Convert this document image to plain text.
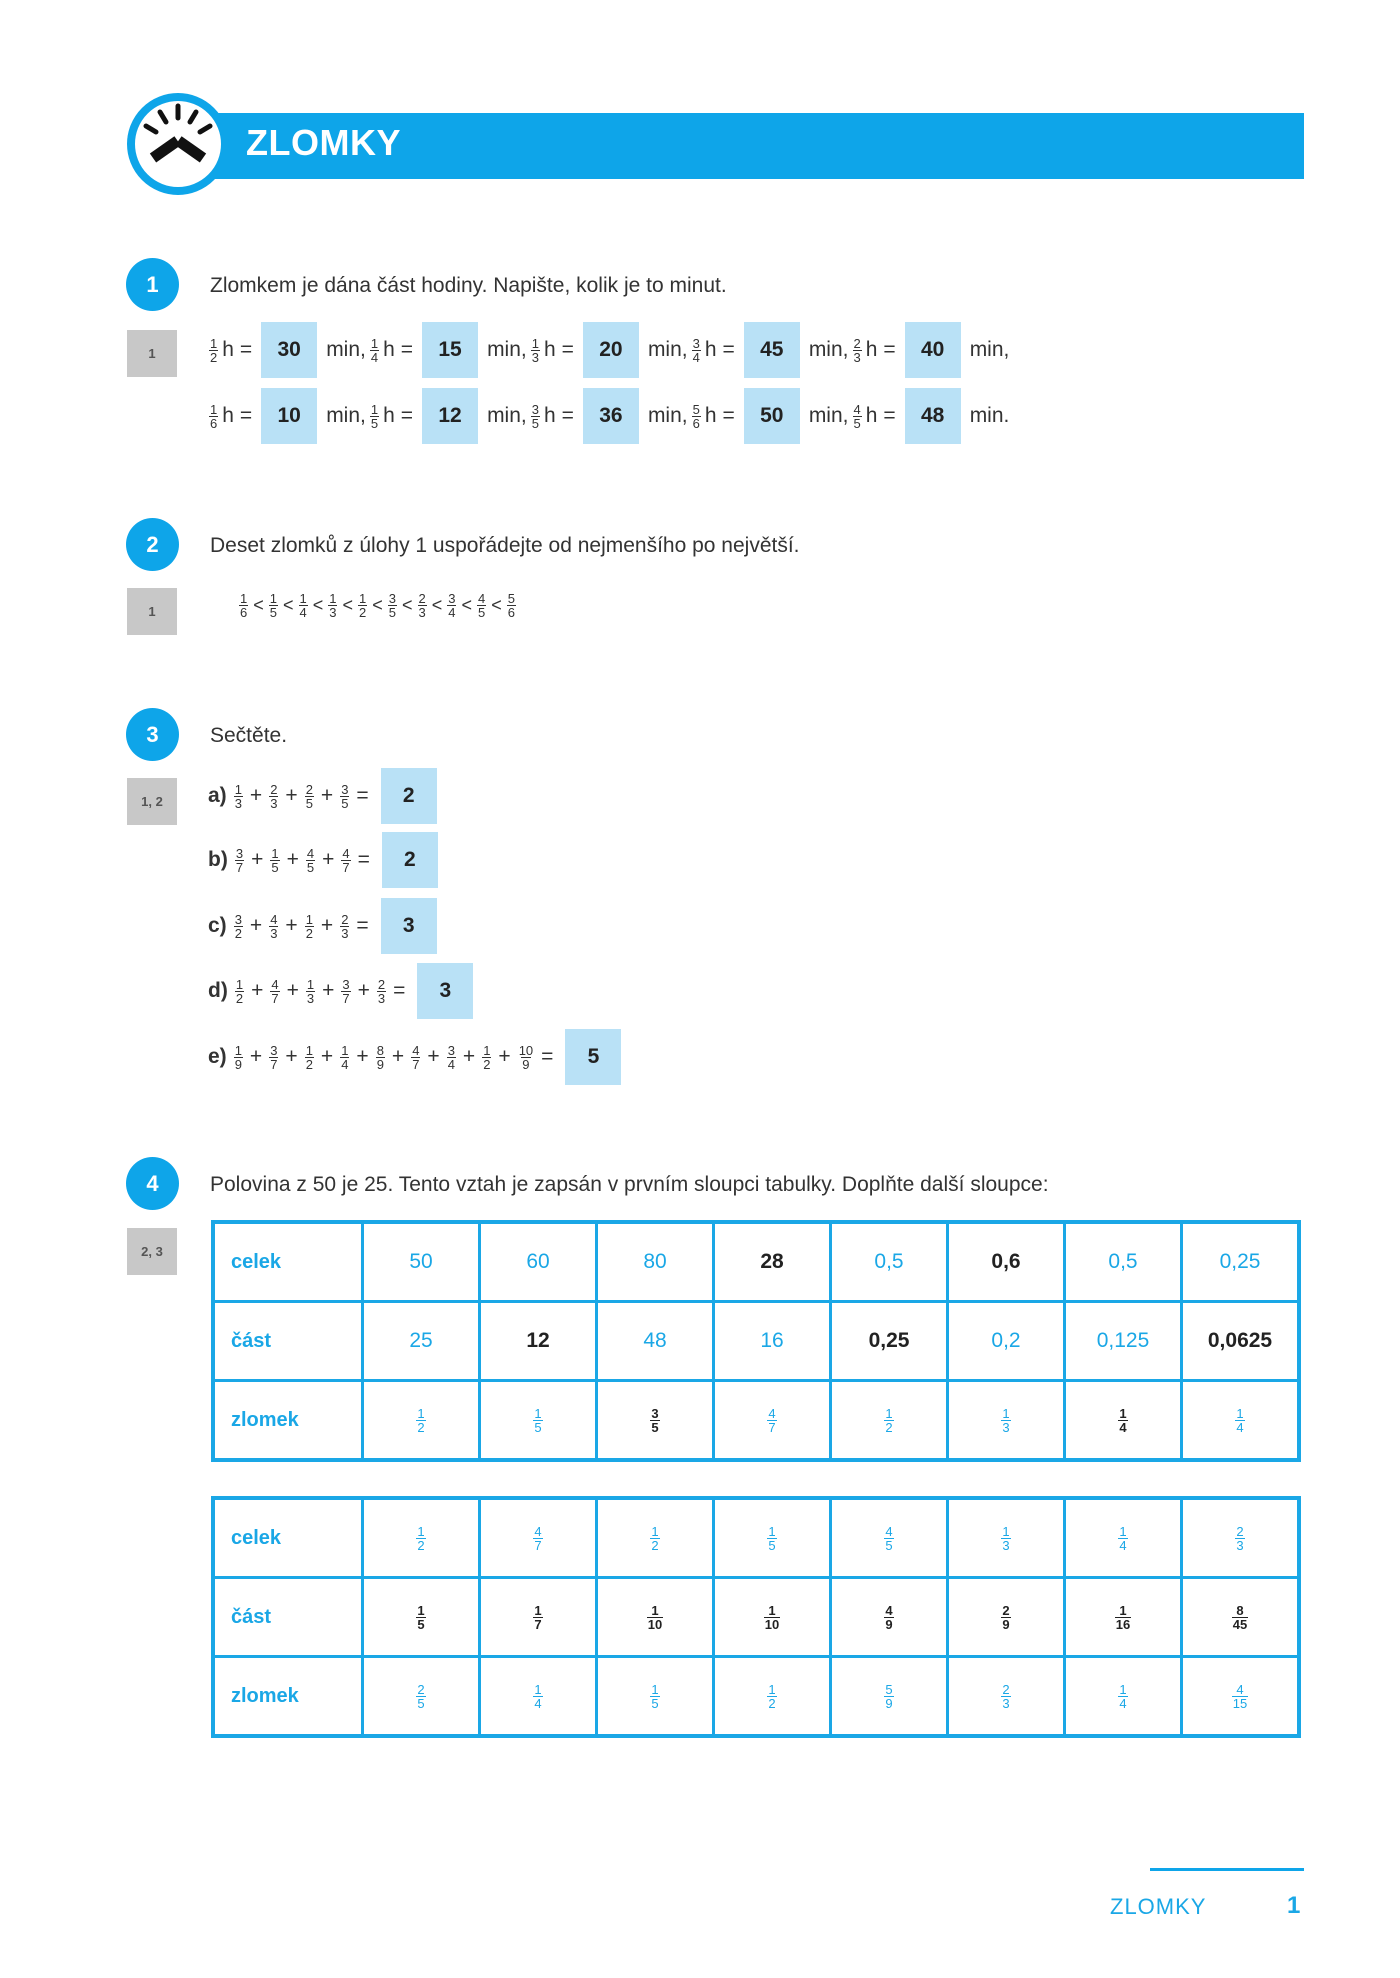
ZLOMKY
1
1
Zlomkem je dána část hodiny. Napište, kolik je to minut.
$\frac{1}{2}$ h =	30	min, $\frac{1}{4}$ h =	15	min, $\frac{1}{3}$ h =	20	min, $\frac{3}{4}$ h =	45	min, $\frac{2}{3}$ h =	40	min,
$\frac{1}{6}$ h =	10	min, $\frac{1}{5}$ h =	12	min, $\frac{3}{5}$ h =	36	min, $\frac{5}{6}$ h =	50	min, $\frac{4}{5}$ h =	48	min.
2
1
Deset zlomků z úlohy 1 uspořádejte od nejmenšího po největší.
$\frac{1}{6} < \frac{1}{5} < \frac{1}{4} < \frac{1}{3} < \frac{1}{2} < \frac{3}{5} < \frac{2}{3} < \frac{3}{4} < \frac{4}{5} < \frac{5}{6}$
3
1, 2
Sečtěte.
$a) \frac{1}{3} + \frac{2}{3} + \frac{2}{5} + \frac{3}{5}$ =	2
$b) \frac{3}{7} + \frac{1}{5} + \frac{4}{5} + \frac{4}{7}$ =	2
$c) \frac{3}{2} + \frac{4}{3} + \frac{1}{2} + \frac{2}{3}$ =	3
$d) \frac{1}{2} + \frac{4}{7} + \frac{1}{3} + \frac{3}{7} + \frac{2}{3}$ =	3
$e) \frac{1}{9} + \frac{3}{7} + \frac{1}{2} + \frac{1}{4} + \frac{8}{9} + \frac{4}{7} + \frac{3}{4} + \frac{1}{2} + \frac{10}{9}$ =	5
4
2, 3
Polovina z 50 je 25. Tento vztah je zapsán v prvním sloupci tabulky. Doplňte další sloupce:
celek	50	60	80	28	0,5	0,6	0,5	0,25
část	25	12	48	16	0,25	0,2	0,125	0,0625
zlomek	$\frac{1}{2}$	$\frac{1}{5}$	$\frac{3}{5}$	$\frac{4}{7}$	$\frac{1}{2}$	$\frac{1}{3}$	$\frac{1}{4}$	$\frac{1}{4}$
celek	$\frac{1}{2}$	$\frac{4}{7}$	$\frac{1}{2}$	$\frac{1}{5}$	$\frac{4}{5}$	$\frac{1}{3}$	$\frac{1}{4}$	$\frac{2}{3}$

část	$\frac{1}{5}$	$\frac{1}{7}$	$\frac{1}{10}$	$\frac{1}{10}$	$\frac{4}{9}$	$\frac{2}{9}$	$\frac{1}{16}$	$\frac{8}{45}$

zlomek	$\frac{2}{5}$	$\frac{1}{4}$	$\frac{1}{5}$	$\frac{1}{2}$	$\frac{5}{9}$	$\frac{2}{3}$	$\frac{1}{4}$	$\frac{4}{15}$
ZLOMKY	1
